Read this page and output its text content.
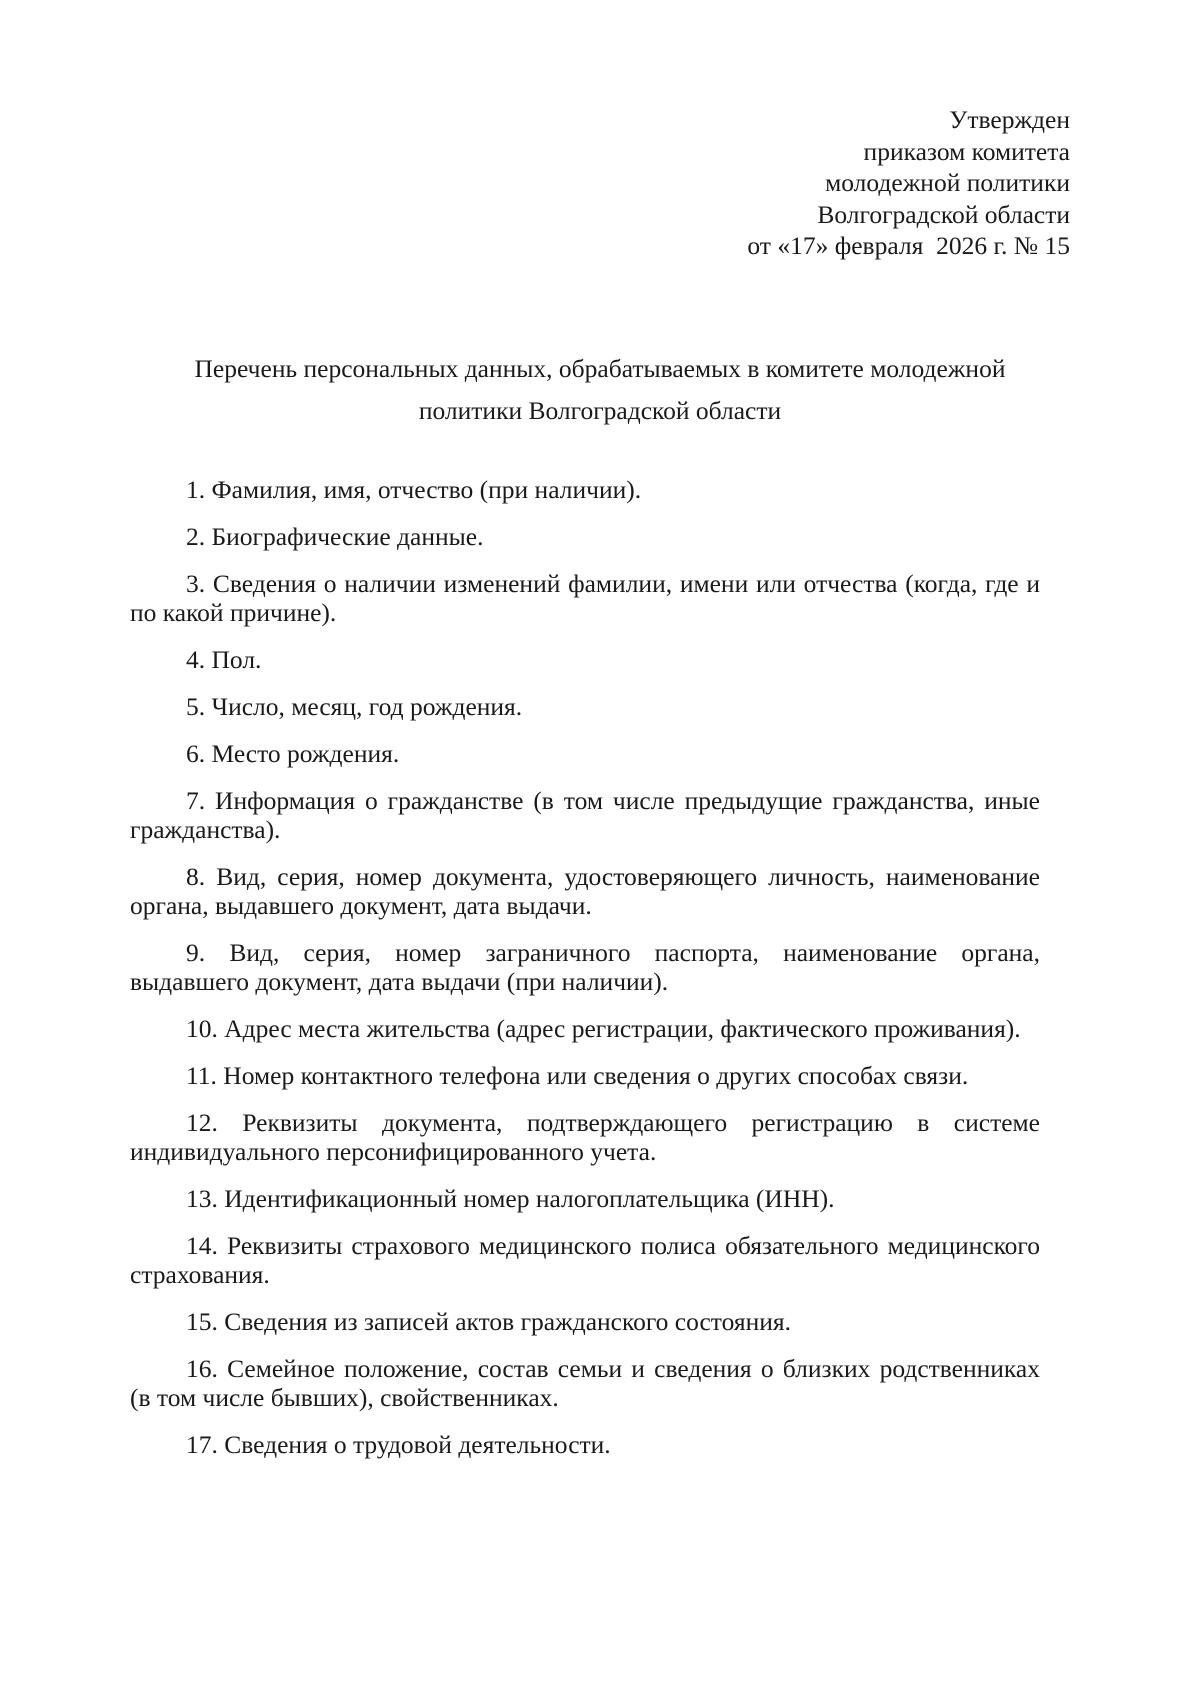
Утвержден
приказом комитета
молодежной политики
Волгоградской области
от «17» февраля  2026 г. № 15
Перечень персональных данных, обрабатываемых в комитете молодежной
политики Волгоградской области

1. Фамилия, имя, отчество (при наличии).

2. Биографические данные.

3. Сведения о наличии изменений фамилии, имени или отчества (когда, где и по какой причине).

4. Пол.

5. Число, месяц, год рождения.

6. Место рождения.

7. Информация о гражданстве (в том числе предыдущие гражданства, иные гражданства).

8. Вид, серия, номер документа, удостоверяющего личность, наименование органа, выдавшего документ, дата выдачи.

9. Вид, серия, номер заграничного паспорта, наименование органа, выдавшего документ, дата выдачи (при наличии).

10. Адрес места жительства (адрес регистрации, фактического проживания).

11. Номер контактного телефона или сведения о других способах связи.

12. Реквизиты документа, подтверждающего регистрацию в системе индивидуального персонифицированного учета.

13. Идентификационный номер налогоплательщика (ИНН).

14. Реквизиты страхового медицинского полиса обязательного медицинского страхования.

15. Сведения из записей актов гражданского состояния.

16. Семейное положение, состав семьи и сведения о близких родственниках (в том числе бывших), свойственниках.

17. Сведения о трудовой деятельности.
